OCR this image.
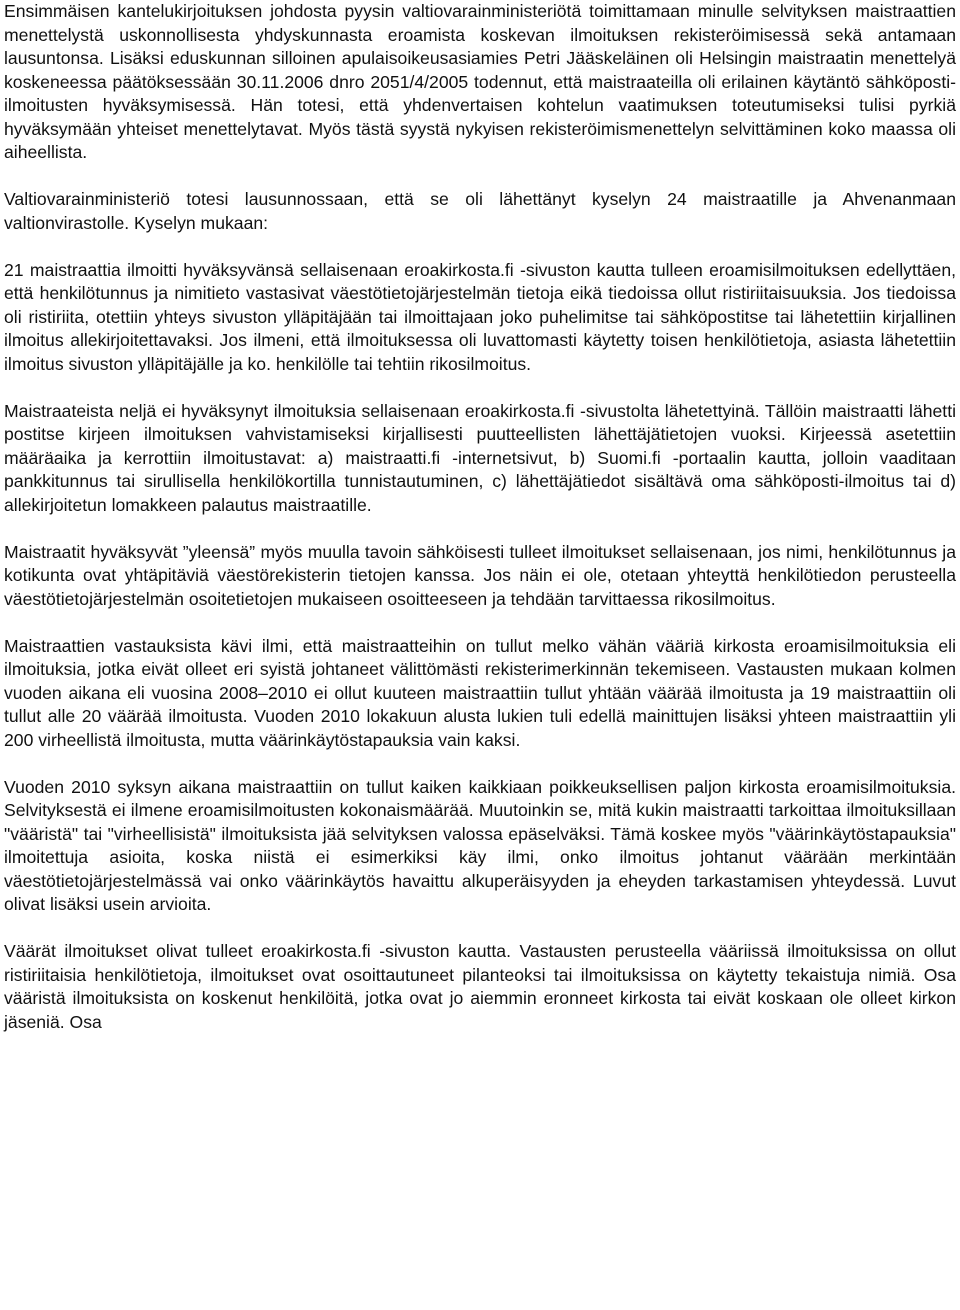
Ensimmäisen kantelukirjoituksen johdosta pyysin valtiovarainministeriötä toimittamaan minulle selvityksen maistraattien menettelystä uskonnollisesta yhdyskunnasta eroamista koskevan ilmoituksen rekisteröimisessä sekä antamaan lausuntonsa. Lisäksi eduskunnan silloinen apulaisoikeusasiamies Petri Jääskeläinen oli Helsingin maistraatin menettelyä koskeneessa päätöksessään 30.11.2006 dnro 2051/4/2005 todennut, että maistraateilla oli erilainen käytäntö sähköposti-ilmoitusten hyväksymisessä. Hän totesi, että yhdenvertaisen kohtelun vaatimuksen toteutumiseksi tulisi pyrkiä hyväksymään yhteiset menettelytavat. Myös tästä syystä nykyisen rekisteröimismenettelyn selvittäminen koko maassa oli aiheellista.

Valtiovarainministeriö totesi lausunnossaan, että se oli lähettänyt kyselyn 24 maistraatille ja Ahvenanmaan valtionvirastolle. Kyselyn mukaan:

21 maistraattia ilmoitti hyväksyvänsä sellaisenaan eroakirkosta.fi -sivuston kautta tulleen eroamisilmoituksen edellyttäen, että henkilötunnus ja nimitieto vastasivat väestötietojärjestelmän tietoja eikä tiedoissa ollut ristiriitaisuuksia. Jos tiedoissa oli ristiriita, otettiin yhteys sivuston ylläpitäjään tai ilmoittajaan joko puhelimitse tai sähköpostitse tai lähetettiin kirjallinen ilmoitus allekirjoitettavaksi. Jos ilmeni, että ilmoituksessa oli luvattomasti käytetty toisen henkilötietoja, asiasta lähetettiin ilmoitus sivuston ylläpitäjälle ja ko. henkilölle tai tehtiin rikosilmoitus.

Maistraateista neljä ei hyväksynyt ilmoituksia sellaisenaan eroakirkosta.fi -sivustolta lähetettyinä. Tällöin maistraatti lähetti postitse kirjeen ilmoituksen vahvistamiseksi kirjallisesti puutteellisten lähettäjätietojen vuoksi. Kirjeessä asetettiin määräaika ja kerrottiin ilmoitustavat: a) maistraatti.fi -internetsivut, b) Suomi.fi -portaalin kautta, jolloin vaaditaan pankkitunnus tai sirullisella henkilökortilla tunnistautuminen, c) lähettäjätiedot sisältävä oma sähköposti-ilmoitus tai d) allekirjoitetun lomakkeen palautus maistraatille.

Maistraatit hyväksyvät ”yleensä” myös muulla tavoin sähköisesti tulleet ilmoitukset sellaisenaan, jos nimi, henkilötunnus ja kotikunta ovat yhtäpitäviä väestörekisterin tietojen kanssa. Jos näin ei ole, otetaan yhteyttä henkilötiedon perusteella väestötietojärjestelmän osoitetietojen mukaiseen osoitteeseen ja tehdään tarvittaessa rikosilmoitus.

Maistraattien vastauksista kävi ilmi, että maistraatteihin on tullut melko vähän vääriä kirkosta eroamisilmoituksia eli ilmoituksia, jotka eivät olleet eri syistä johtaneet välittömästi rekisterimerkinnän tekemiseen. Vastausten mukaan kolmen vuoden aikana eli vuosina 2008–2010 ei ollut kuuteen maistraattiin tullut yhtään väärää ilmoitusta ja 19 maistraattiin oli tullut alle 20 väärää ilmoitusta. Vuoden 2010 lokakuun alusta lukien tuli edellä mainittujen lisäksi yhteen maistraattiin yli 200 virheellistä ilmoitusta, mutta väärinkäytöstapauksia vain kaksi.

Vuoden 2010 syksyn aikana maistraattiin on tullut kaiken kaikkiaan poikkeuksellisen paljon kirkosta eroamisilmoituksia. Selvityksestä ei ilmene eroamisilmoitusten kokonaismäärää. Muutoinkin se, mitä kukin maistraatti tarkoittaa ilmoituksillaan "vääristä" tai "virheellisistä" ilmoituksista jää selvityksen valossa epäselväksi. Tämä koskee myös "väärinkäytöstapauksia" ilmoitettuja asioita, koska niistä ei esimerkiksi käy ilmi, onko ilmoitus johtanut väärään merkintään väestötietojärjestelmässä vai onko väärinkäytös havaittu alkuperäisyyden ja eheyden tarkastamisen yhteydessä. Luvut olivat lisäksi usein arvioita.

Väärät ilmoitukset olivat tulleet eroakirkosta.fi -sivuston kautta. Vastausten perusteella vääriissä ilmoituksissa on ollut ristiriitaisia henkilötietoja, ilmoitukset ovat osoittautuneet pilanteoksi tai ilmoituksissa on käytetty tekaistuja nimiä. Osa vääristä ilmoituksista on koskenut henkilöitä, jotka ovat jo aiemmin eronneet kirkosta tai eivät koskaan ole olleet kirkon jäseniä. Osa
